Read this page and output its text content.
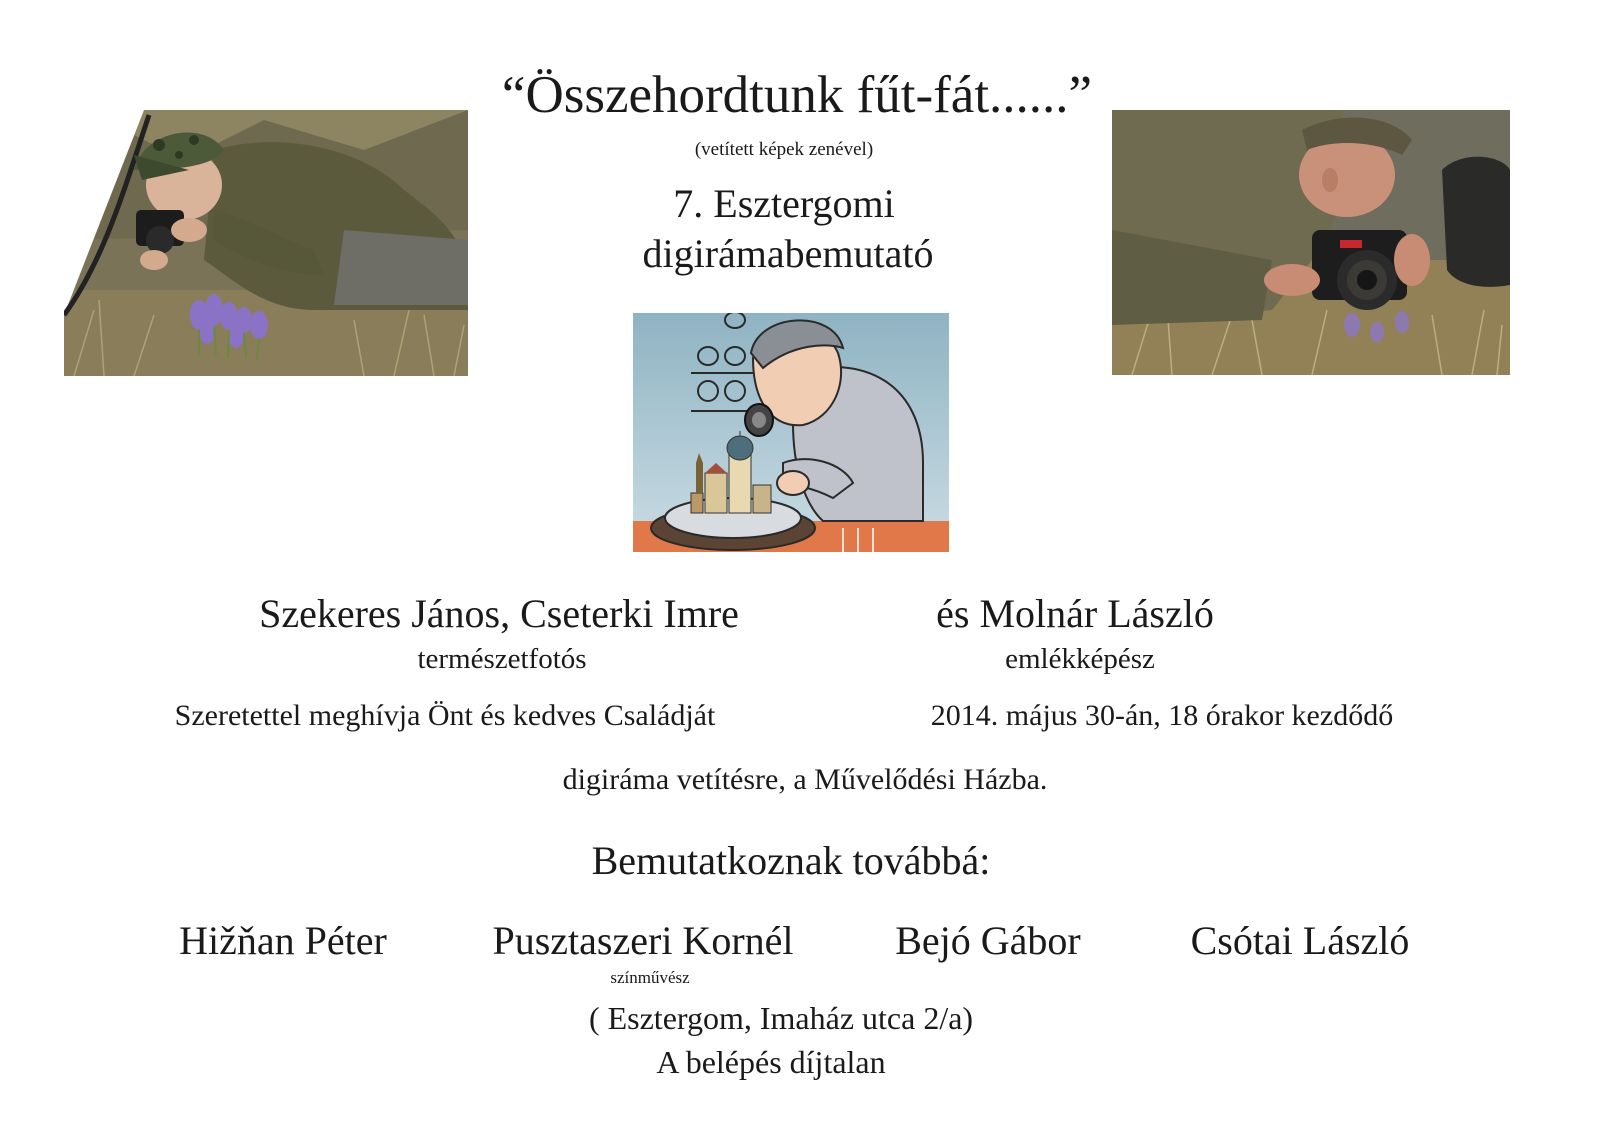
“Összehordtunk fűt-fát......”
(vetített képek zenével)
7. Esztergomi
digirámabemutató
Szekeres János, Cseterki Imre
természetfotós
és Molnár László
emlékképész
Szeretettel meghívja Önt és kedves Családját	2014. május 30-án, 18 órakor kezdődő
digiráma vetítésre, a Művelődési Házba.
Bemutatkoznak továbbá:
Hižňan Péter	Pusztaszeri Kornél
színművész
Bejó Gábor	Csótai László
( Esztergom, Imaház utca 2/a)
A belépés díjtalan
